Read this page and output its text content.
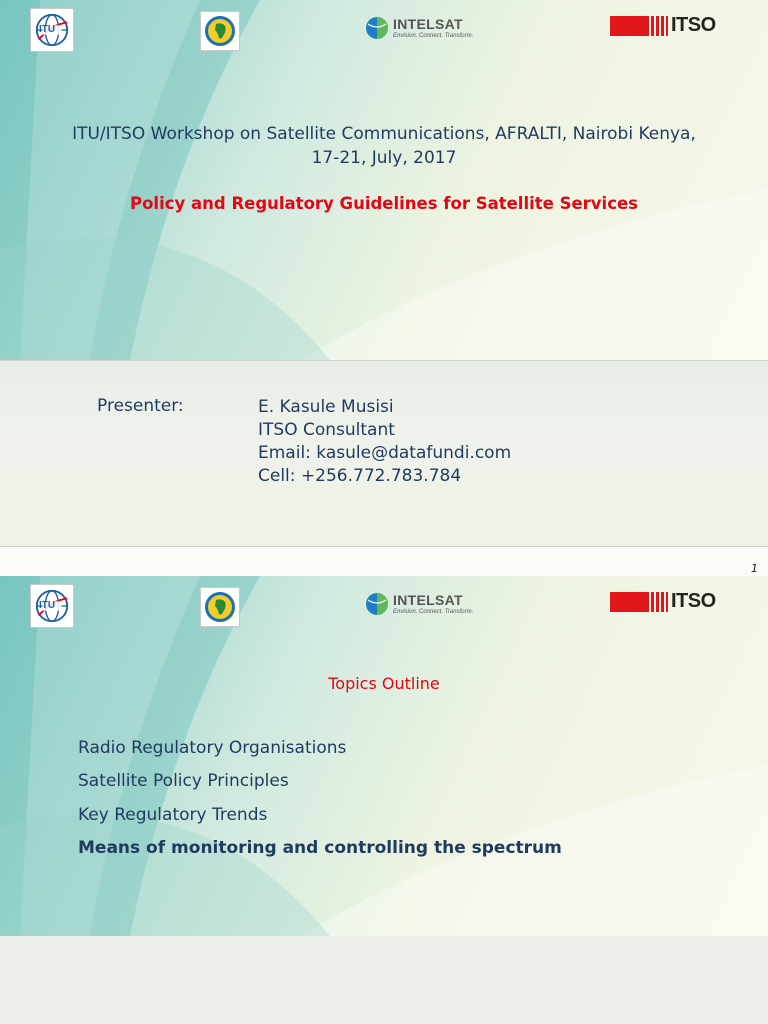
ITU	INTELSAT
Envision. Connect. Transform.	ITSO
ITU/ITSO Workshop on Satellite Communications, AFRALTI, Nairobi Kenya,
17-21, July, 2017
Policy and Regulatory Guidelines for Satellite Services
Presenter:	E. Kasule Musisi
ITSO Consultant
Email: kasule@datafundi.com
Cell: +256.772.783.784
1
ITU	INTELSAT
Envision. Connect. Transform.	ITSO
Topics Outline
Radio Regulatory Organisations
Satellite Policy Principles
Key Regulatory Trends
Means of monitoring and controlling the spectrum
